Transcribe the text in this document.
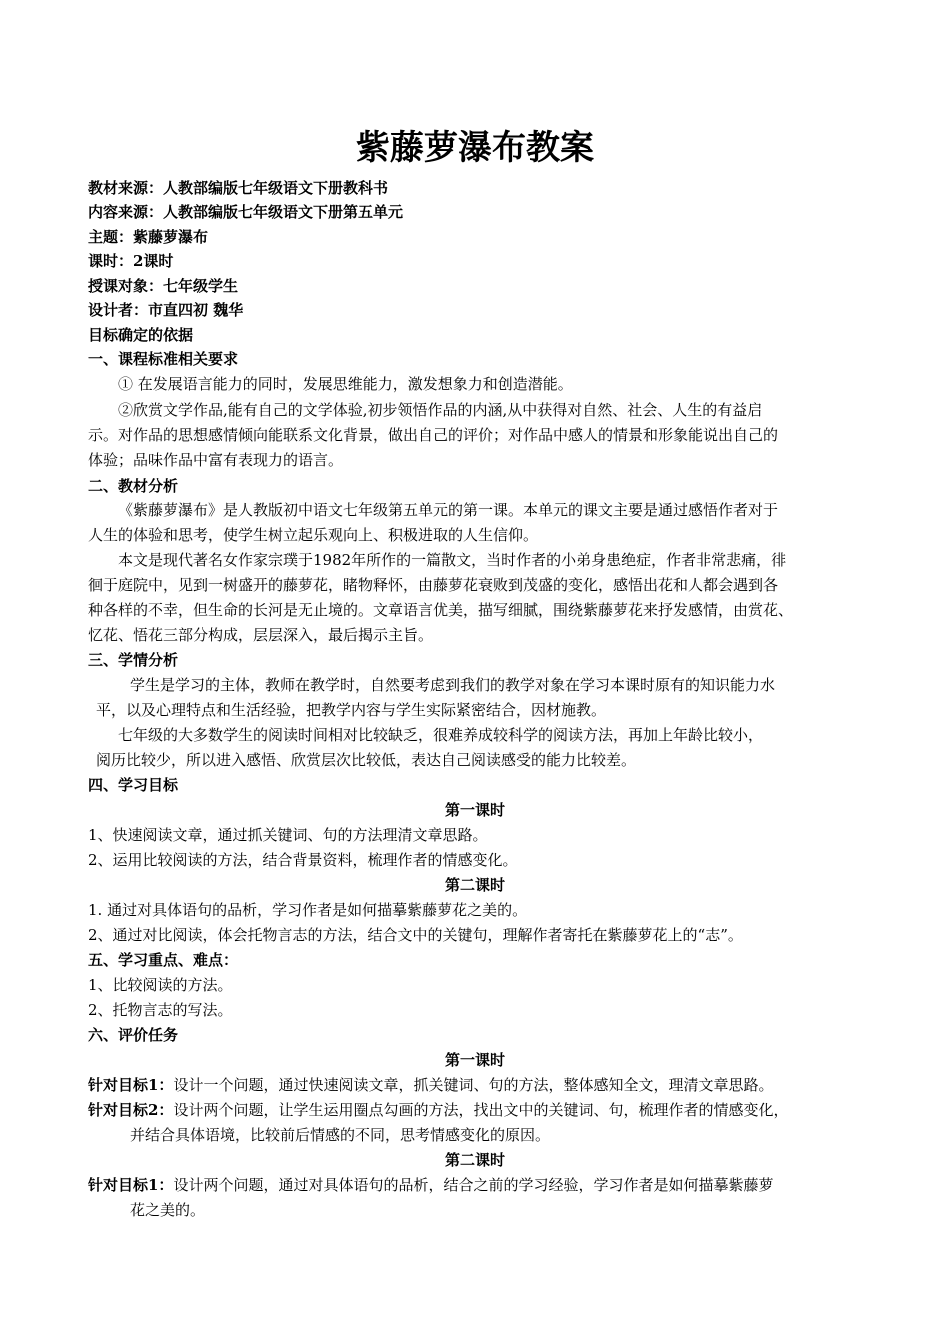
紫藤萝瀑布教案
教材来源：人教部编版七年级语文下册教科书
内容来源：人教部编版七年级语文下册第五单元
主题：紫藤萝瀑布
课时：2课时
授课对象：七年级学生
设计者：市直四初 魏华
目标确定的依据
一、课程标准相关要求
① 在发展语言能力的同时，发展思维能力，激发想象力和创造潜能。
②欣赏文学作品,能有自己的文学体验,初步领悟作品的内涵,从中获得对自然、社会、人生的有益启
示。对作品的思想感情倾向能联系文化背景，做出自己的评价；对作品中感人的情景和形象能说出自己的
体验；品味作品中富有表现力的语言。
二、教材分析
《紫藤萝瀑布》是人教版初中语文七年级第五单元的第一课。本单元的课文主要是通过感悟作者对于
人生的体验和思考，使学生树立起乐观向上、积极进取的人生信仰。
本文是现代著名女作家宗璞于1982年所作的一篇散文，当时作者的小弟身患绝症，作者非常悲痛，徘
徊于庭院中，见到一树盛开的藤萝花，睹物释怀，由藤萝花衰败到茂盛的变化，感悟出花和人都会遇到各
种各样的不幸，但生命的长河是无止境的。文章语言优美，描写细腻，围绕紫藤萝花来抒发感情，由赏花、
忆花、悟花三部分构成，层层深入，最后揭示主旨。
三、学情分析
学生是学习的主体，教师在教学时，自然要考虑到我们的教学对象在学习本课时原有的知识能力水
平，以及心理特点和生活经验，把教学内容与学生实际紧密结合，因材施教。
七年级的大多数学生的阅读时间相对比较缺乏，很难养成较科学的阅读方法，再加上年龄比较小，
阅历比较少，所以进入感悟、欣赏层次比较低，表达自己阅读感受的能力比较差。
四、学习目标
第一课时
1、快速阅读文章，通过抓关键词、句的方法理清文章思路。
2、运用比较阅读的方法，结合背景资料，梳理作者的情感变化。
第二课时
1. 通过对具体语句的品析，学习作者是如何描摹紫藤萝花之美的。
2、通过对比阅读，体会托物言志的方法，结合文中的关键句，理解作者寄托在紫藤萝花上的“志”。
五、学习重点、难点：
1、比较阅读的方法。
2、托物言志的写法。
六、评价任务
第一课时
针对目标1：设计一个问题，通过快速阅读文章，抓关键词、句的方法，整体感知全文，理清文章思路。
针对目标2：设计两个问题，让学生运用圈点勾画的方法，找出文中的关键词、句，梳理作者的情感变化，
并结合具体语境，比较前后情感的不同，思考情感变化的原因。
第二课时
针对目标1：设计两个问题，通过对具体语句的品析，结合之前的学习经验，学习作者是如何描摹紫藤萝
花之美的。
